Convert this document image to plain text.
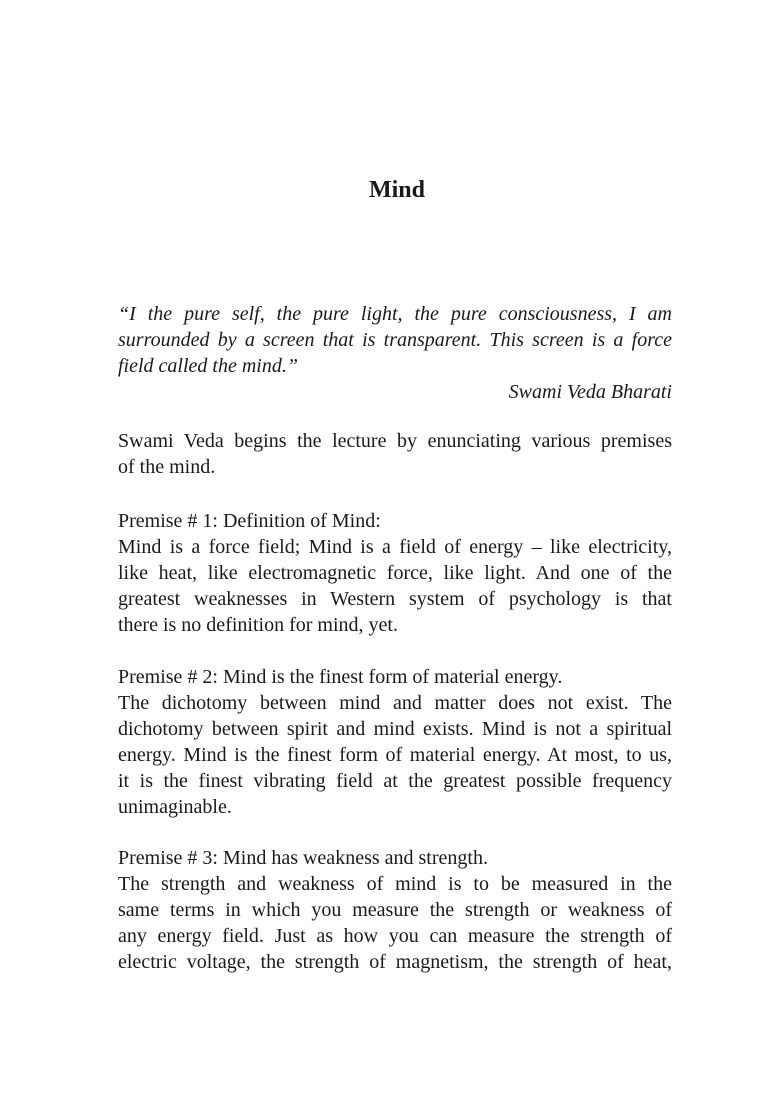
Mind
“I the pure self, the pure light, the pure consciousness, I am
surrounded by a screen that is transparent. This screen is a force
field called the mind.”
Swami Veda Bharati
Swami Veda begins the lecture by enunciating various premises
of the mind.
Premise # 1: Definition of Mind:
Mind is a force field; Mind is a field of energy – like electricity,
like heat, like electromagnetic force, like light. And one of the
greatest weaknesses in Western system of psychology is that
there is no definition for mind, yet.
Premise # 2: Mind is the finest form of material energy.
The dichotomy between mind and matter does not exist. The
dichotomy between spirit and mind exists. Mind is not a spiritual
energy. Mind is the finest form of material energy. At most, to us,
it is the finest vibrating field at the greatest possible frequency
unimaginable.
Premise # 3: Mind has weakness and strength.
The strength and weakness of mind is to be measured in the
same terms in which you measure the strength or weakness of
any energy field. Just as how you can measure the strength of
electric voltage, the strength of magnetism, the strength of heat,
